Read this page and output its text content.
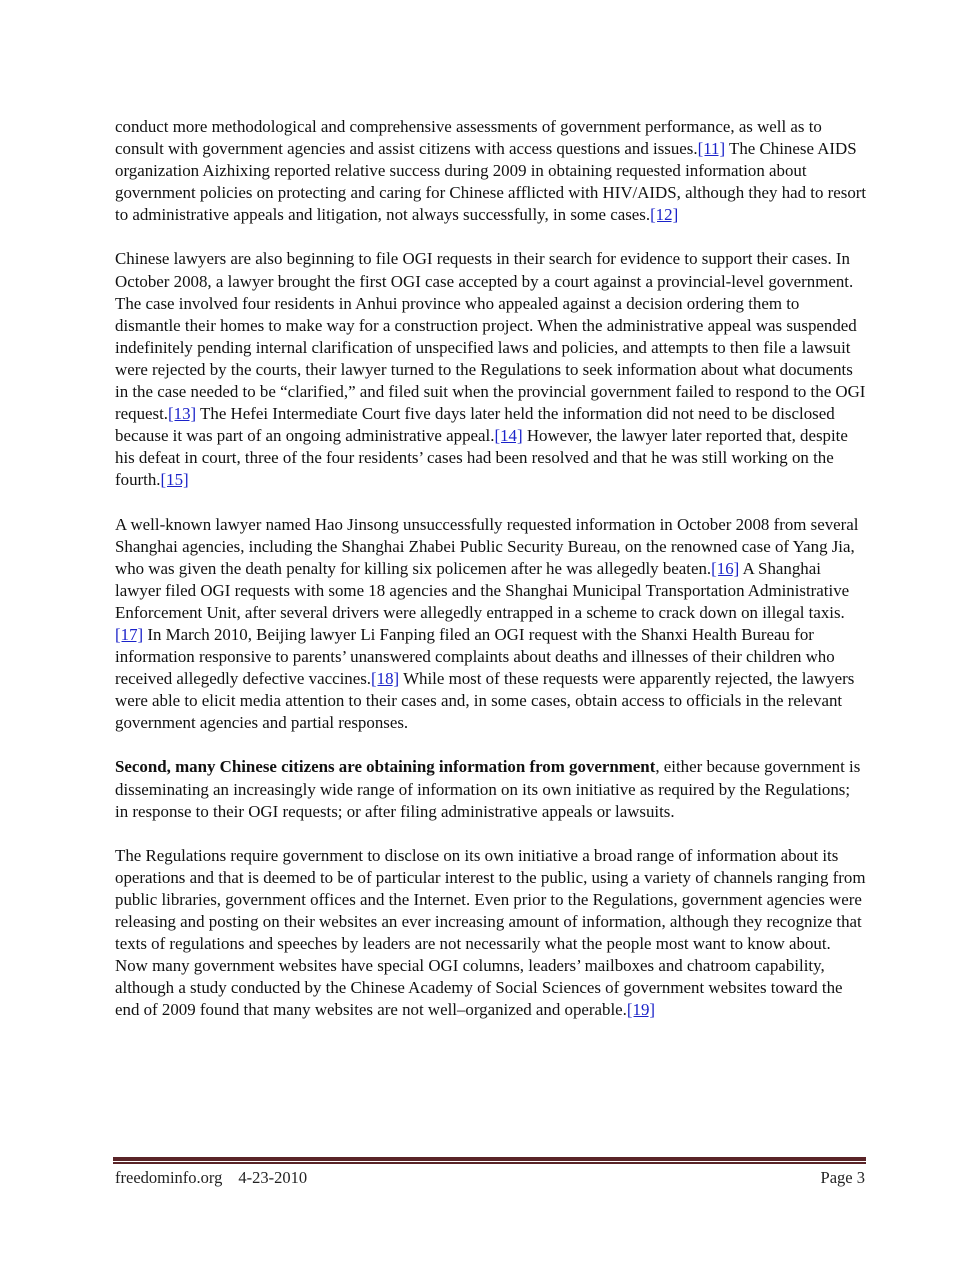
conduct more methodological and comprehensive assessments of government performance, as well as to consult with government agencies and assist citizens with access questions and issues.[11] The Chinese AIDS organization Aizhixing reported relative success during 2009 in obtaining requested information about government policies on protecting and caring for Chinese afflicted with HIV/AIDS, although they had to resort to administrative appeals and litigation, not always successfully, in some cases.[12]

Chinese lawyers are also beginning to file OGI requests in their search for evidence to support their cases. In October 2008, a lawyer brought the first OGI case accepted by a court against a provincial-level government. The case involved four residents in Anhui province who appealed against a decision ordering them to dismantle their homes to make way for a construction project. When the administrative appeal was suspended indefinitely pending internal clarification of unspecified laws and policies, and attempts to then file a lawsuit were rejected by the courts, their lawyer turned to the Regulations to seek information about what documents in the case needed to be “clarified,” and filed suit when the provincial government failed to respond to the OGI request.[13] The Hefei Intermediate Court five days later held the information did not need to be disclosed because it was part of an ongoing administrative appeal.[14] However, the lawyer later reported that, despite his defeat in court, three of the four residents’ cases had been resolved and that he was still working on the fourth.[15]

A well-known lawyer named Hao Jinsong unsuccessfully requested information in October 2008 from several Shanghai agencies, including the Shanghai Zhabei Public Security Bureau, on the renowned case of Yang Jia, who was given the death penalty for killing six policemen after he was allegedly beaten.[16] A Shanghai lawyer filed OGI requests with some 18 agencies and the Shanghai Municipal Transportation Administrative Enforcement Unit, after several drivers were allegedly entrapped in a scheme to crack down on illegal taxis.[17] In March 2010, Beijing lawyer Li Fanping filed an OGI request with the Shanxi Health Bureau for information responsive to parents’ unanswered complaints about deaths and illnesses of their children who received allegedly defective vaccines.[18] While most of these requests were apparently rejected, the lawyers were able to elicit media attention to their cases and, in some cases, obtain access to officials in the relevant government agencies and partial responses.

Second, many Chinese citizens are obtaining information from government, either because government is disseminating an increasingly wide range of information on its own initiative as required by the Regulations; in response to their OGI requests; or after filing administrative appeals or lawsuits.

The Regulations require government to disclose on its own initiative a broad range of information about its operations and that is deemed to be of particular interest to the public, using a variety of channels ranging from public libraries, government offices and the Internet. Even prior to the Regulations, government agencies were releasing and posting on their websites an ever increasing amount of information, although they recognize that texts of regulations and speeches by leaders are not necessarily what the people most want to know about. Now many government websites have special OGI columns, leaders’ mailboxes and chatroom capability, although a study conducted by the Chinese Academy of Social Sciences of government websites toward the end of 2009 found that many websites are not well–organized and operable.[19]

freedominfo.org 4-23-2010	Page 3
